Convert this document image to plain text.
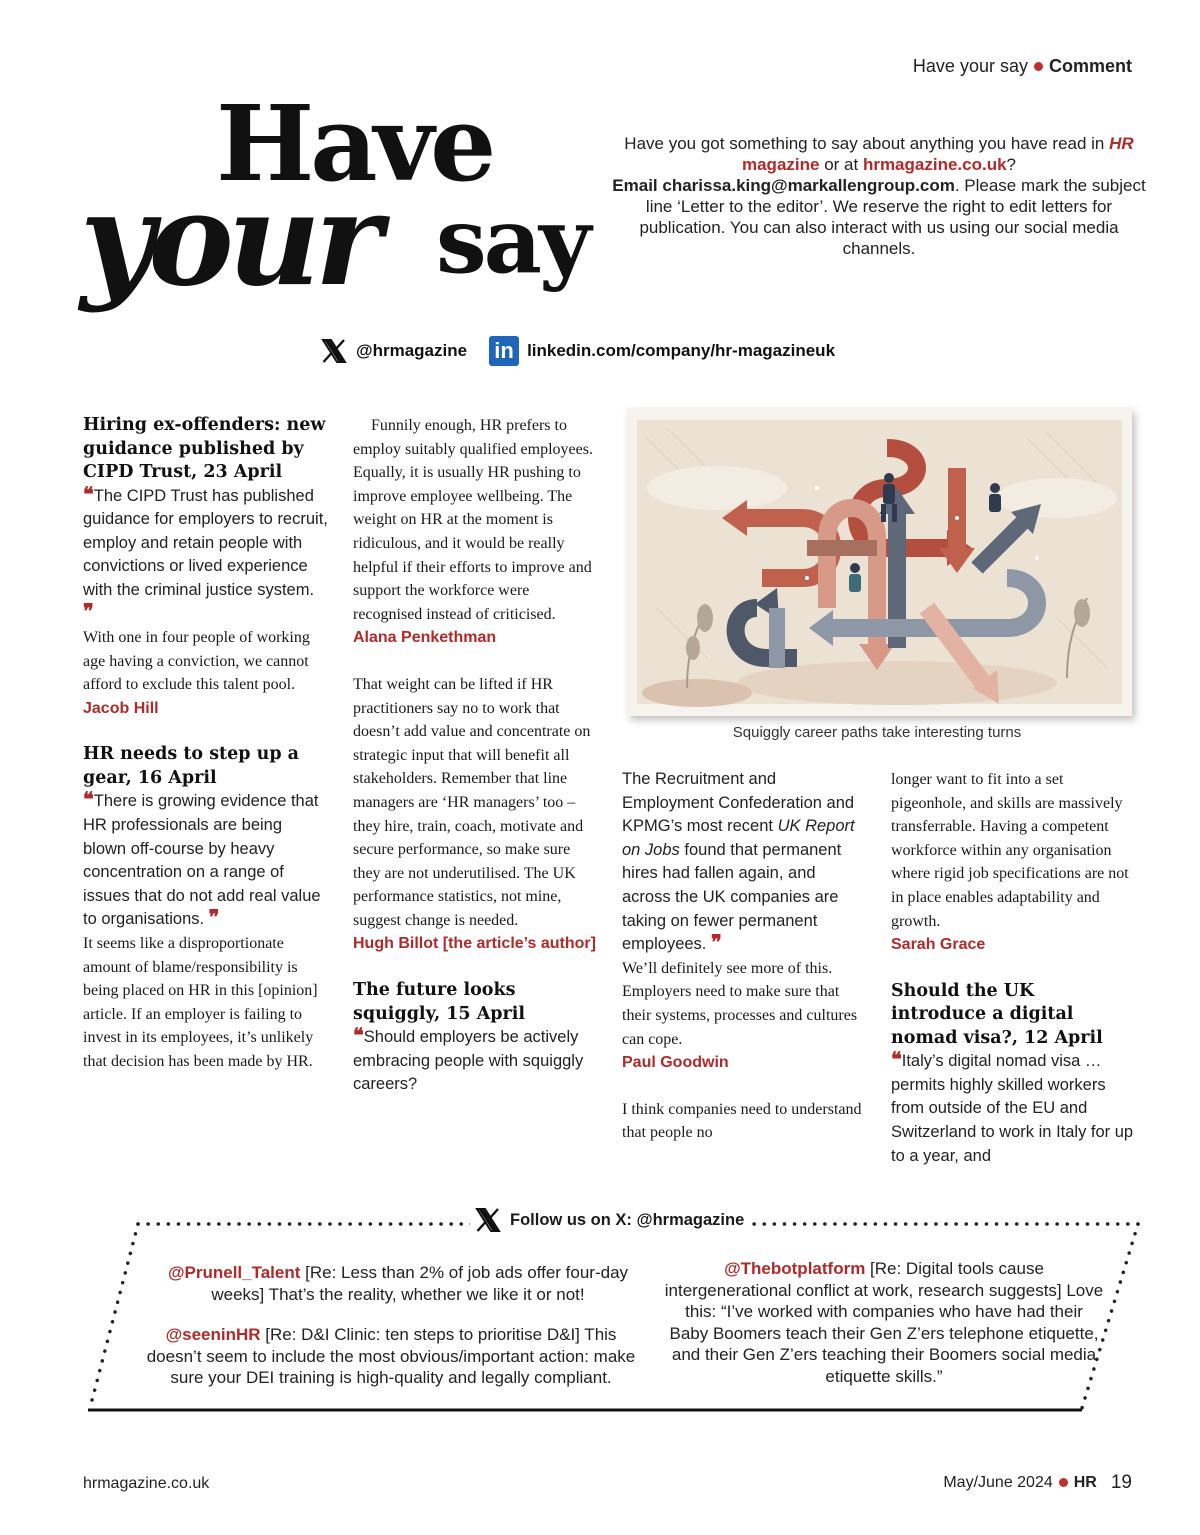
Have your say Comment
Have
your say
Have you got something to say about anything you have read in HR magazine or at hrmagazine.co.uk?
Email charissa.king@markallengroup.com. Please mark the subject line ‘Letter to the editor’. We reserve the right to edit letters for publication. You can also interact with us using our social media channels.
@hrmagazine in linkedin.com/company/hr-magazineuk
Hiring ex-offenders: new guidance published by CIPD Trust, 23 April
❝The CIPD Trust has published guidance for employers to recruit, employ and retain people with convictions or lived experience with the criminal justice system. ❞
With one in four people of working age having a conviction, we cannot afford to exclude this talent pool.
Jacob Hill
HR needs to step up a gear, 16 April
❝There is growing evidence that HR professionals are being blown off-course by heavy concentration on a range of issues that do not add real value to organisations. ❞
It seems like a disproportionate amount of blame/responsibility is being placed on HR in this [opinion] article. If an employer is failing to invest in its employees, it’s unlikely that decision has been made by HR.
Funnily enough, HR prefers to employ suitably qualified employees. Equally, it is usually HR pushing to improve employee wellbeing. The weight on HR at the moment is ridiculous, and it would be really helpful if their efforts to improve and support the workforce were recognised instead of criticised.
Alana Penkethman
That weight can be lifted if HR practitioners say no to work that doesn’t add value and concentrate on strategic input that will benefit all stakeholders. Remember that line managers are ‘HR managers’ too – they hire, train, coach, motivate and secure performance, so make sure they are not underutilised. The UK performance statistics, not mine, suggest change is needed.
Hugh Billot [the article’s author]
The future looks squiggly, 15 April
❝Should employers be actively embracing people with squiggly careers?
Squiggly career paths take interesting turns
The Recruitment and Employment Confederation and KPMG’s most recent UK Report on Jobs found that permanent hires had fallen again, and across the UK companies are taking on fewer permanent employees. ❞
We’ll definitely see more of this. Employers need to make sure that their systems, processes and cultures can cope.
Paul Goodwin
I think companies need to understand that people no
longer want to fit into a set pigeonhole, and skills are massively transferrable. Having a competent workforce within any organisation where rigid job specifications are not in place enables adaptability and growth.
Sarah Grace
Should the UK introduce a digital nomad visa?, 12 April
❝Italy’s digital nomad visa … permits highly skilled workers from outside of the EU and Switzerland to work in Italy for up to a year, and
Follow us on X: @hrmagazine
@Prunell_Talent [Re: Less than 2% of job ads offer four-day weeks] That’s the reality, whether we like it or not!
@seeninHR [Re: D&I Clinic: ten steps to prioritise D&I] This doesn’t seem to include the most obvious/important action: make sure your DEI training is high-quality and legally compliant.
@Thebotplatform [Re: Digital tools cause intergenerational conflict at work, research suggests] Love this: “I’ve worked with companies who have had their Baby Boomers teach their Gen Z’ers telephone etiquette, and their Gen Z’ers teaching their Boomers social media etiquette skills.”
hrmagazine.co.uk	May/June 2024 HR 19
